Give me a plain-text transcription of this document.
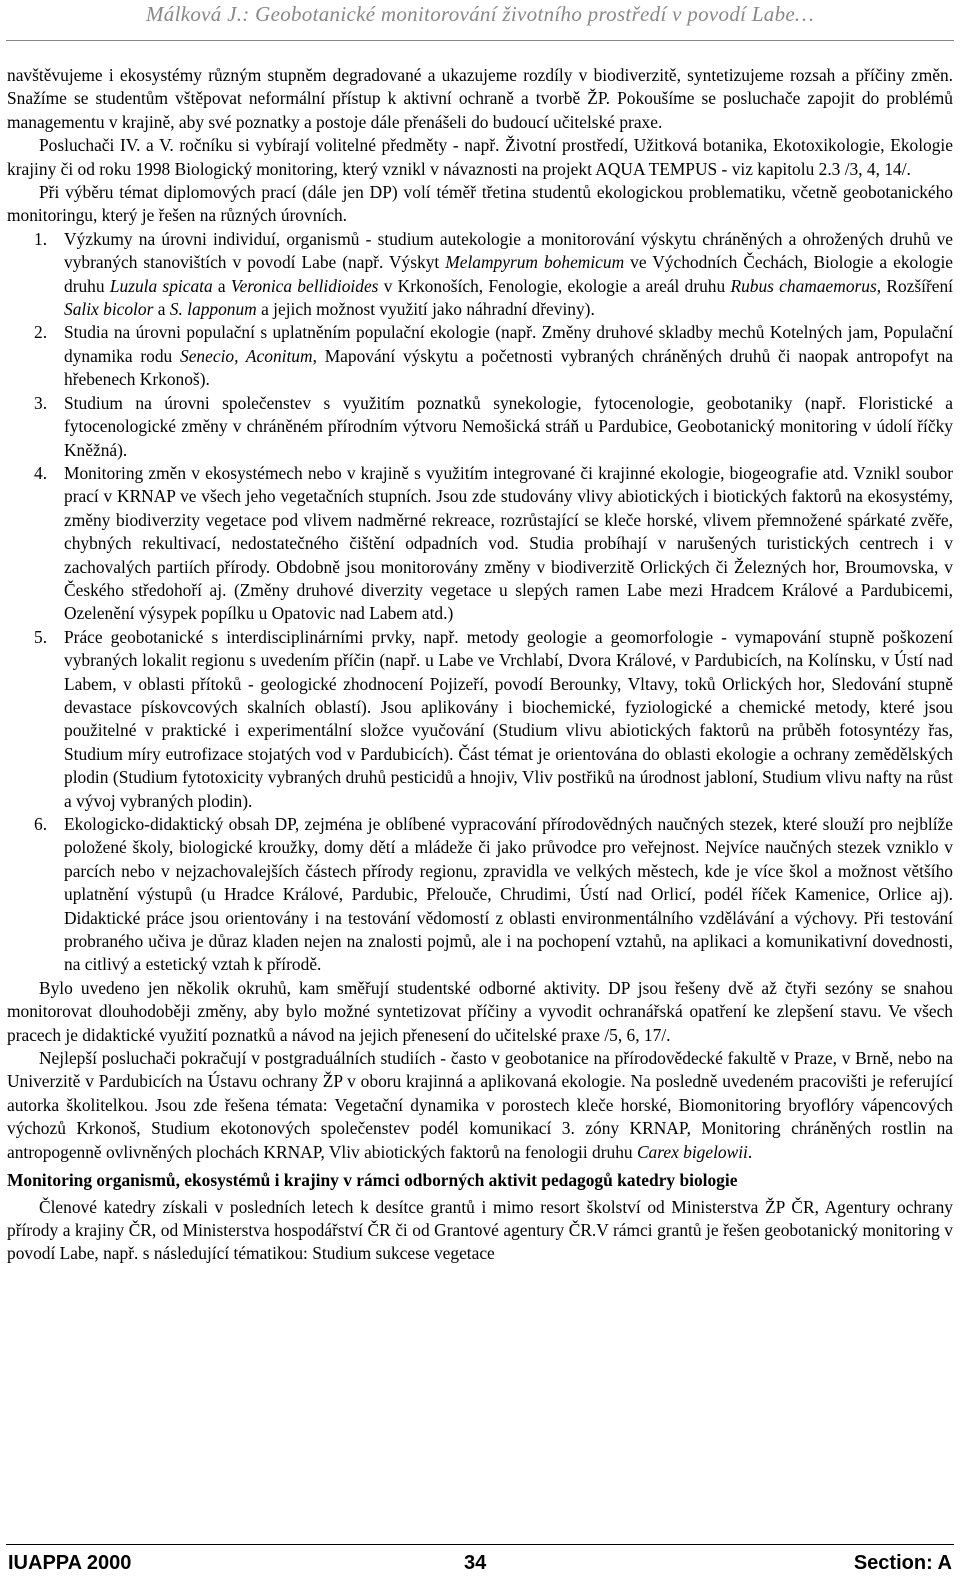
Málková J.: Geobotanické monitorování životního prostředí v povodí Labe…

navštěvujeme i ekosystémy různým stupněm degradované a ukazujeme rozdíly v biodiverzitě, syntetizujeme rozsah a příčiny změn. Snažíme se studentům vštěpovat neformální přístup k aktivní ochraně a tvorbě ŽP. Pokoušíme se posluchače zapojit do problémů managementu v krajině, aby své poznatky a postoje dále přenášeli do budoucí učitelské praxe.

Posluchači IV. a V. ročníku si vybírají volitelné předměty - např. Životní prostředí, Užitková botanika, Ekotoxikologie, Ekologie krajiny či od roku 1998 Biologický monitoring, který vznikl v návaznosti na projekt AQUA TEMPUS - viz kapitolu 2.3 /3, 4, 14/.

Při výběru témat diplomových prací (dále jen DP) volí téměř třetina studentů ekologickou problematiku, včetně geobotanického monitoringu, který je řešen na různých úrovních.

1. Výzkumy na úrovni individuí, organismů - studium autekologie a monitorování výskytu chráněných a ohrožených druhů ve vybraných stanovištích v povodí Labe (např. Výskyt Melampyrum bohemicum ve Východních Čechách, Biologie a ekologie druhu Luzula spicata a Veronica bellidioides v Krkonoších, Fenologie, ekologie a areál druhu Rubus chamaemorus, Rozšíření Salix bicolor a S. lapponum a jejich možnost využití jako náhradní dřeviny).
2. Studia na úrovni populační s uplatněním populační ekologie (např. Změny druhové skladby mechů Kotelných jam, Populační dynamika rodu Senecio, Aconitum, Mapování výskytu a početnosti vybraných chráněných druhů či naopak antropofyt na hřebenech Krkonoš).
3. Studium na úrovni společenstev s využitím poznatků synekologie, fytocenologie, geobotaniky (např. Floristické a fytocenologické změny v chráněném přírodním výtvoru Nemošická stráň u Pardubice, Geobotanický monitoring v údolí říčky Kněžná).
4. Monitoring změn v ekosystémech nebo v krajině s využitím integrované či krajinné ekologie, biogeografie atd. Vznikl soubor prací v KRNAP ve všech jeho vegetačních stupních. Jsou zde studovány vlivy abiotických i biotických faktorů na ekosystémy, změny biodiverzity vegetace pod vlivem nadměrné rekreace, rozrůstající se kleče horské, vlivem přemnožené spárkaté zvěře, chybných rekultivací, nedostatečného čištění odpadních vod. Studia probíhají v narušených turistických centrech i v zachovalých partiích přírody. Obdobně jsou monitorovány změny v biodiverzitě Orlických či Železných hor, Broumovska, v Českého středohoří aj. (Změny druhové diverzity vegetace u slepých ramen Labe mezi Hradcem Králové a Pardubicemi, Ozelenění výsypek popílku u Opatovic nad Labem atd.)
5. Práce geobotanické s interdisciplinárními prvky, např. metody geologie a geomorfologie - vymapování stupně poškození vybraných lokalit regionu s uvedením příčin (např. u Labe ve Vrchlabí, Dvora Králové, v Pardubicích, na Kolínsku, v Ústí nad Labem, v oblasti přítoků - geologické zhodnocení Pojizeří, povodí Berounky, Vltavy, toků Orlických hor, Sledování stupně devastace pískovcových skalních oblastí). Jsou aplikovány i biochemické, fyziologické a chemické metody, které jsou použitelné v praktické i experimentální složce vyučování (Studium vlivu abiotických faktorů na průběh fotosyntézy řas, Studium míry eutrofizace stojatých vod v Pardubicích). Část témat je orientována do oblasti ekologie a ochrany zemědělských plodin (Studium fytotoxicity vybraných druhů pesticidů a hnojiv, Vliv postřiků na úrodnost jabloní, Studium vlivu nafty na růst a vývoj vybraných plodin).
6. Ekologicko-didaktický obsah DP, zejména je oblíbené vypracování přírodovědných naučných stezek, které slouží pro nejblíže položené školy, biologické kroužky, domy dětí a mládeže či jako průvodce pro veřejnost. Nejvíce naučných stezek vzniklo v parcích nebo v nejzachovalejších částech přírody regionu, zpravidla ve velkých městech, kde je více škol a možnost většího uplatnění výstupů (u Hradce Králové, Pardubic, Přelouče, Chrudimi, Ústí nad Orlicí, podél říček Kamenice, Orlice aj). Didaktické práce jsou orientovány i na testování vědomostí z oblasti environmentálního vzdělávání a výchovy. Při testování probraného učiva je důraz kladen nejen na znalosti pojmů, ale i na pochopení vztahů, na aplikaci a komunikativní dovednosti, na citlivý a estetický vztah k přírodě.

Bylo uvedeno jen několik okruhů, kam směřují studentské odborné aktivity. DP jsou řešeny dvě až čtyři sezóny se snahou monitorovat dlouhodoběji změny, aby bylo možné syntetizovat příčiny a vyvodit ochranářská opatření ke zlepšení stavu. Ve všech pracech je didaktické využití poznatků a návod na jejich přenesení do učitelské praxe /5, 6, 17/.

Nejlepší posluchači pokračují v postgraduálních studiích - často v geobotanice na přírodovědecké fakultě v Praze, v Brně, nebo na Univerzitě v Pardubicích na Ústavu ochrany ŽP v oboru krajinná a aplikovaná ekologie. Na posledně uvedeném pracovišti je referující autorka školitelkou. Jsou zde řešena témata: Vegetační dynamika v porostech kleče horské, Biomonitoring bryoflóry vápencových výchozů Krkonoš, Studium ekotonových společenstev podél komunikací 3. zóny KRNAP, Monitoring chráněných rostlin na antropogenně ovlivněných plochách KRNAP, Vliv abiotických faktorů na fenologii druhu Carex bigelowii.

Monitoring organismů, ekosystémů i krajiny v rámci odborných aktivit pedagogů katedry biologie

Členové katedry získali v posledních letech k desítce grantů i mimo resort školství od Ministerstva ŽP ČR, Agentury ochrany přírody a krajiny ČR, od Ministerstva hospodářství ČR či od Grantové agentury ČR.V rámci grantů je řešen geobotanický monitoring v povodí Labe, např. s následující tématikou: Studium sukcese vegetace

IUAPPA 2000	34	Section: A
